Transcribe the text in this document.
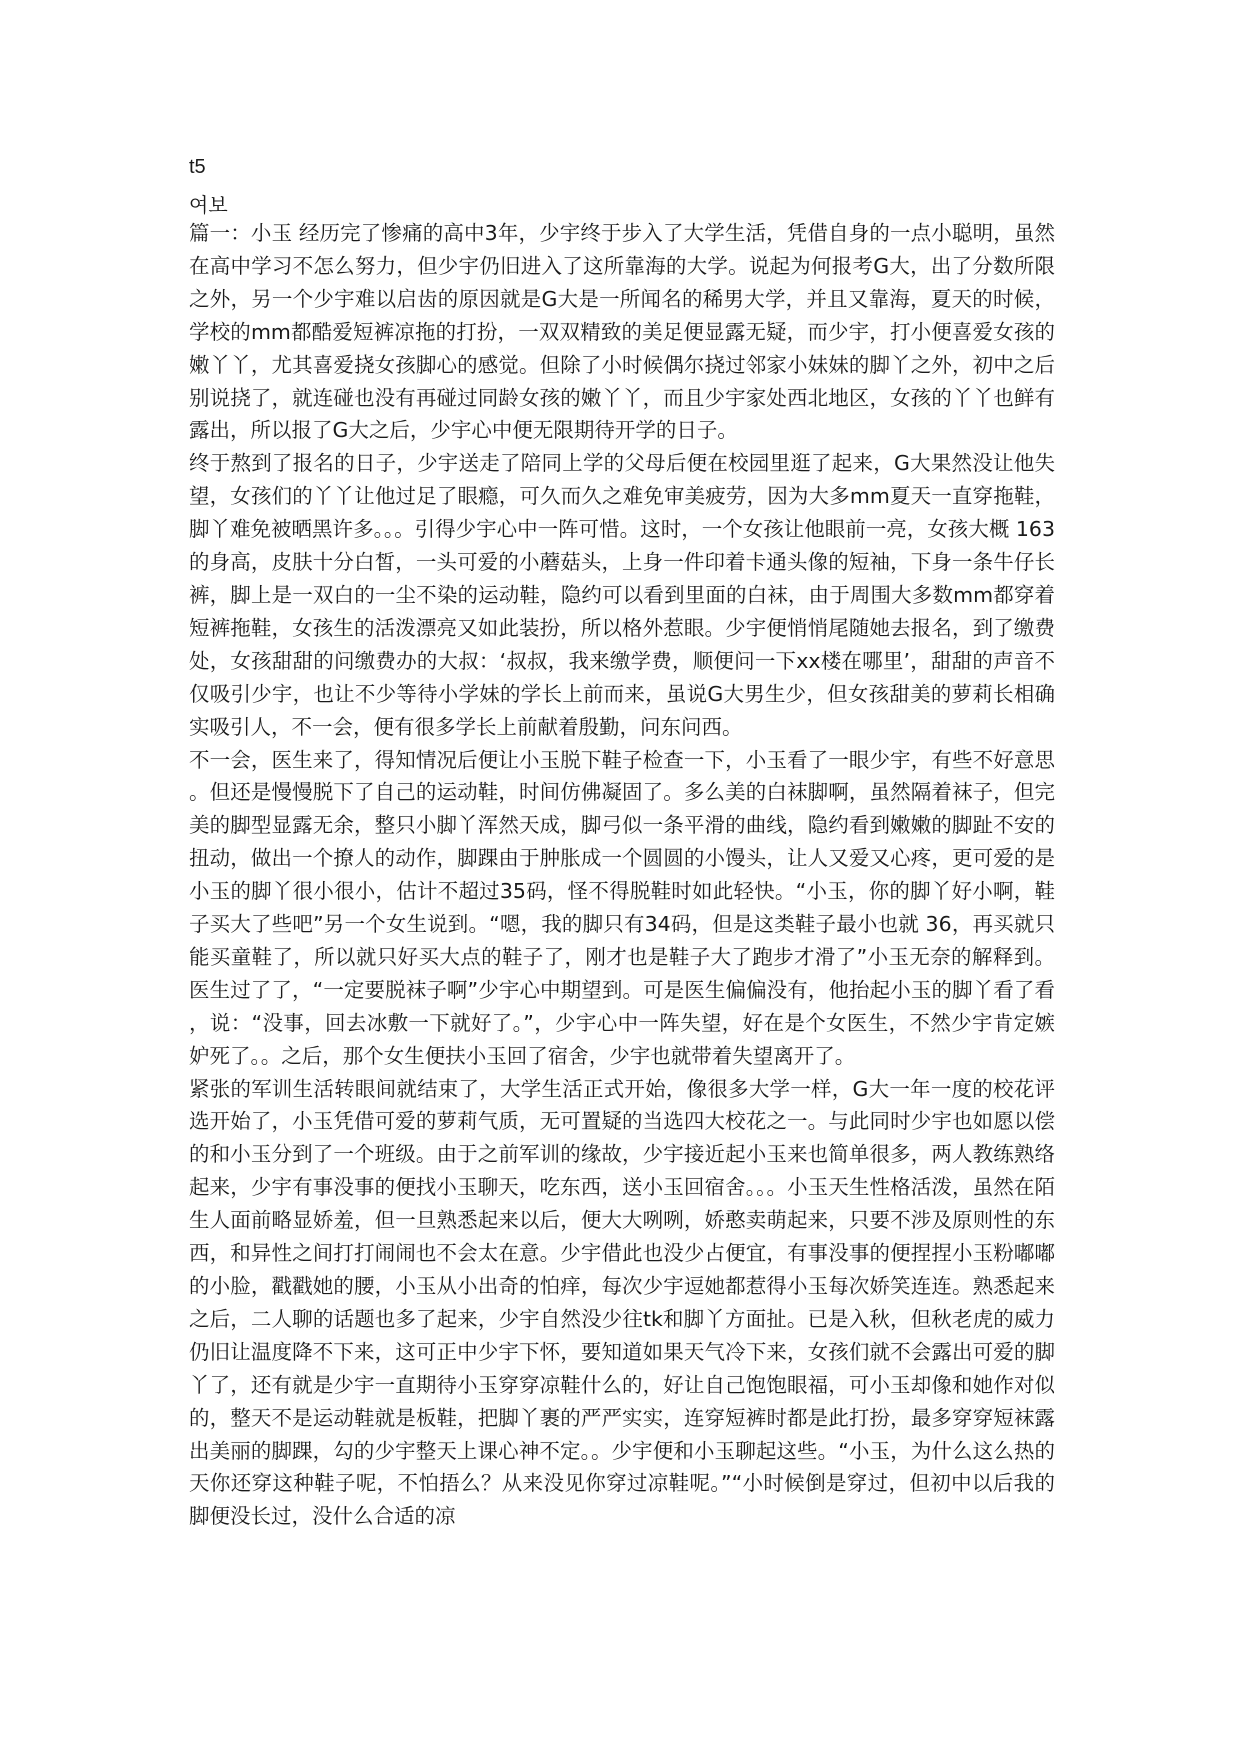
t5
여보

篇一：小玉 经历完了惨痛的高中3年，少宇终于步入了大学生活，凭借自身的一点小聪明，虽然在高中学习不怎么努力，但少宇仍旧进入了这所靠海的大学。说起为何报考G大，出了分数所限之外，另一个少宇难以启齿的原因就是G大是一所闻名的稀男大学，并且又靠海，夏天的时候，学校的mm都酷爱短裤凉拖的打扮，一双双精致的美足便显露无疑，而少宇，打小便喜爱女孩的嫩丫丫，尤其喜爱挠女孩脚心的感觉。但除了小时候偶尔挠过邻家小妹妹的脚丫之外，初中之后别说挠了，就连碰也没有再碰过同龄女孩的嫩丫丫，而且少宇家处西北地区，女孩的丫丫也鲜有露出，所以报了G大之后，少宇心中便无限期待开学的日子。

终于熬到了报名的日子，少宇送走了陪同上学的父母后便在校园里逛了起来，G大果然没让他失望，女孩们的丫丫让他过足了眼瘾，可久而久之难免审美疲劳，因为大多mm夏天一直穿拖鞋，脚丫难免被晒黑许多。。。引得少宇心中一阵可惜。这时，一个女孩让他眼前一亮，女孩大概 163 的身高，皮肤十分白皙，一头可爱的小蘑菇头，上身一件印着卡通头像的短袖，下身一条牛仔长裤，脚上是一双白的一尘不染的运动鞋，隐约可以看到里面的白袜，由于周围大多数mm都穿着短裤拖鞋，女孩生的活泼漂亮又如此装扮，所以格外惹眼。少宇便悄悄尾随她去报名，到了缴费处，女孩甜甜的问缴费办的大叔：‘叔叔，我来缴学费，顺便问一下xx楼在哪里’，甜甜的声音不仅吸引少宇，也让不少等待小学妹的学长上前而来，虽说G大男生少，但女孩甜美的萝莉长相确实吸引人，不一会，便有很多学长上前献着殷勤，问东问西。

不一会，医生来了，得知情况后便让小玉脱下鞋子检查一下，小玉看了一眼少宇，有些不好意思。但还是慢慢脱下了自己的运动鞋，时间仿佛凝固了。多么美的白袜脚啊，虽然隔着袜子，但完美的脚型显露无余，整只小脚丫浑然天成，脚弓似一条平滑的曲线，隐约看到嫩嫩的脚趾不安的扭动，做出一个撩人的动作，脚踝由于肿胀成一个圆圆的小馒头，让人又爱又心疼，更可爱的是小玉的脚丫很小很小，估计不超过35码，怪不得脱鞋时如此轻快。“小玉，你的脚丫好小啊，鞋子买大了些吧”另一个女生说到。“嗯，我的脚只有34码，但是这类鞋子最小也就 36，再买就只能买童鞋了，所以就只好买大点的鞋子了，刚才也是鞋子大了跑步才滑了”小玉无奈的解释到。医生过了了，“一定要脱袜子啊”少宇心中期望到。可是医生偏偏没有，他抬起小玉的脚丫看了看，说：“没事，回去冰敷一下就好了。”，少宇心中一阵失望，好在是个女医生，不然少宇肯定嫉妒死了。。之后，那个女生便扶小玉回了宿舍，少宇也就带着失望离开了。

紧张的军训生活转眼间就结束了，大学生活正式开始，像很多大学一样，G大一年一度的校花评选开始了，小玉凭借可爱的萝莉气质，无可置疑的当选四大校花之一。与此同时少宇也如愿以偿的和小玉分到了一个班级。由于之前军训的缘故，少宇接近起小玉来也简单很多，两人教练熟络起来，少宇有事没事的便找小玉聊天，吃东西，送小玉回宿舍。。。小玉天生性格活泼，虽然在陌生人面前略显娇羞，但一旦熟悉起来以后，便大大咧咧，娇憨卖萌起来，只要不涉及原则性的东西，和异性之间打打闹闹也不会太在意。少宇借此也没少占便宜，有事没事的便捏捏小玉粉嘟嘟的小脸，戳戳她的腰，小玉从小出奇的怕痒，每次少宇逗她都惹得小玉每次娇笑连连。熟悉起来之后，二人聊的话题也多了起来，少宇自然没少往tk和脚丫方面扯。已是入秋，但秋老虎的威力仍旧让温度降不下来，这可正中少宇下怀，要知道如果天气冷下来，女孩们就不会露出可爱的脚丫了，还有就是少宇一直期待小玉穿穿凉鞋什么的，好让自己饱饱眼福，可小玉却像和她作对似的，整天不是运动鞋就是板鞋，把脚丫裹的严严实实，连穿短裤时都是此打扮，最多穿穿短袜露出美丽的脚踝，勾的少宇整天上课心神不定。。少宇便和小玉聊起这些。“小玉，为什么这么热的天你还穿这种鞋子呢，不怕捂么？从来没见你穿过凉鞋呢。”“小时候倒是穿过，但初中以后我的脚便没长过，没什么合适的凉
